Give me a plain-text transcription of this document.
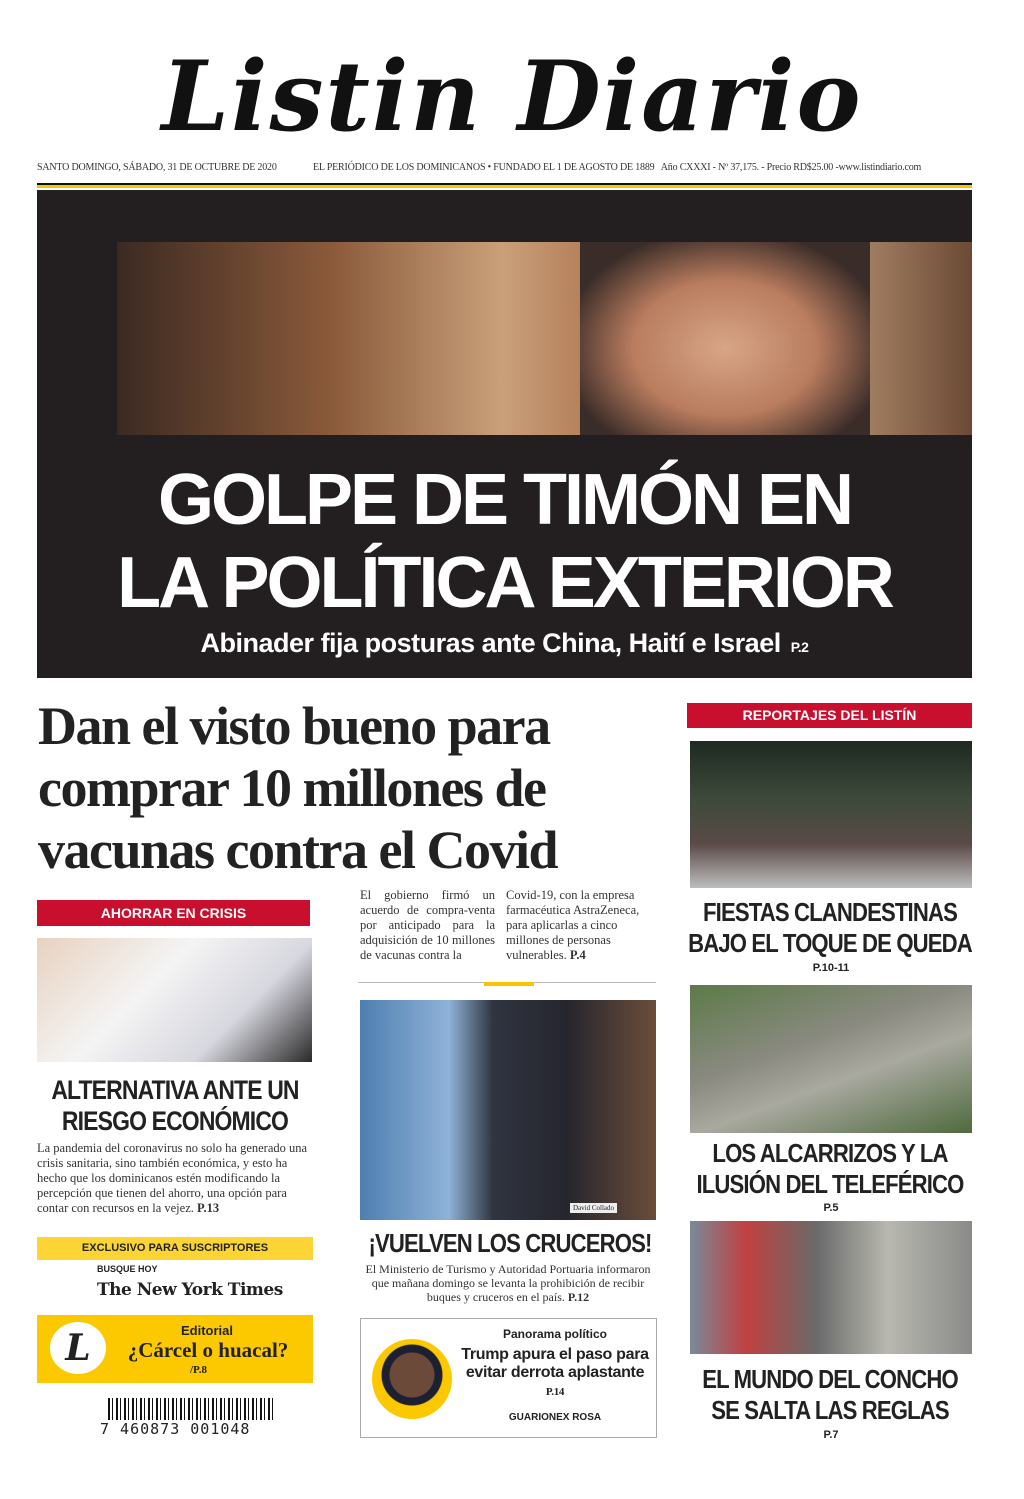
Listin Diario
SANTO DOMINGO, SÁBADO, 31 DE OCTUBRE DE 2020	EL PERIÓDICO DE LOS DOMINICANOS • FUNDADO EL 1 DE AGOSTO DE 1889   Año CXXXI - Nº 37,175. - Precio RD$25.00 -www.listindiario.com
GOLPE DE TIMÓN EN
LA POLÍTICA EXTERIOR
Abinader fija posturas ante China, Haití e Israel P.2
Dan el visto bueno para comprar 10 millones de vacunas contra el Covid
El gobierno firmó un acuerdo de compra-venta por anticipado para la adquisición de 10 millones de vacunas contra la
Covid-19, con la empresa farmacéutica AstraZeneca, para aplicarlas a cinco millones de personas vulnerables. P.4
AHORRAR EN CRISIS
ALTERNATIVA ANTE UN
RIESGO ECONÓMICO
La pandemia del coronavirus no solo ha generado una crisis sanitaria, sino también económica, y esto ha hecho que los dominicanos estén modificando la percepción que tienen del ahorro, una opción para contar con recursos en la vejez. P.13
EXCLUSIVO PARA SUSCRIPTORES
BUSQUE HOY
The New York Times
L	Editorial
¿Cárcel o huacal?
/P.8
7 460873 001048
David Collado
¡VUELVEN LOS CRUCEROS!
El Ministerio de Turismo y Autoridad Portuaria informaron que mañana domingo se levanta la prohibición de recibir buques y cruceros en el país. P.12
Panorama político
Trump apura el paso para evitar derrota aplastante P.14
GUARIONEX ROSA
REPORTAJES DEL LISTÍN
FIESTAS CLANDESTINAS
BAJO EL TOQUE DE QUEDA
P.10-11
LOS ALCARRIZOS Y LA
ILUSIÓN DEL TELEFÉRICO
P.5
EL MUNDO DEL CONCHO
SE SALTA LAS REGLAS
P.7
